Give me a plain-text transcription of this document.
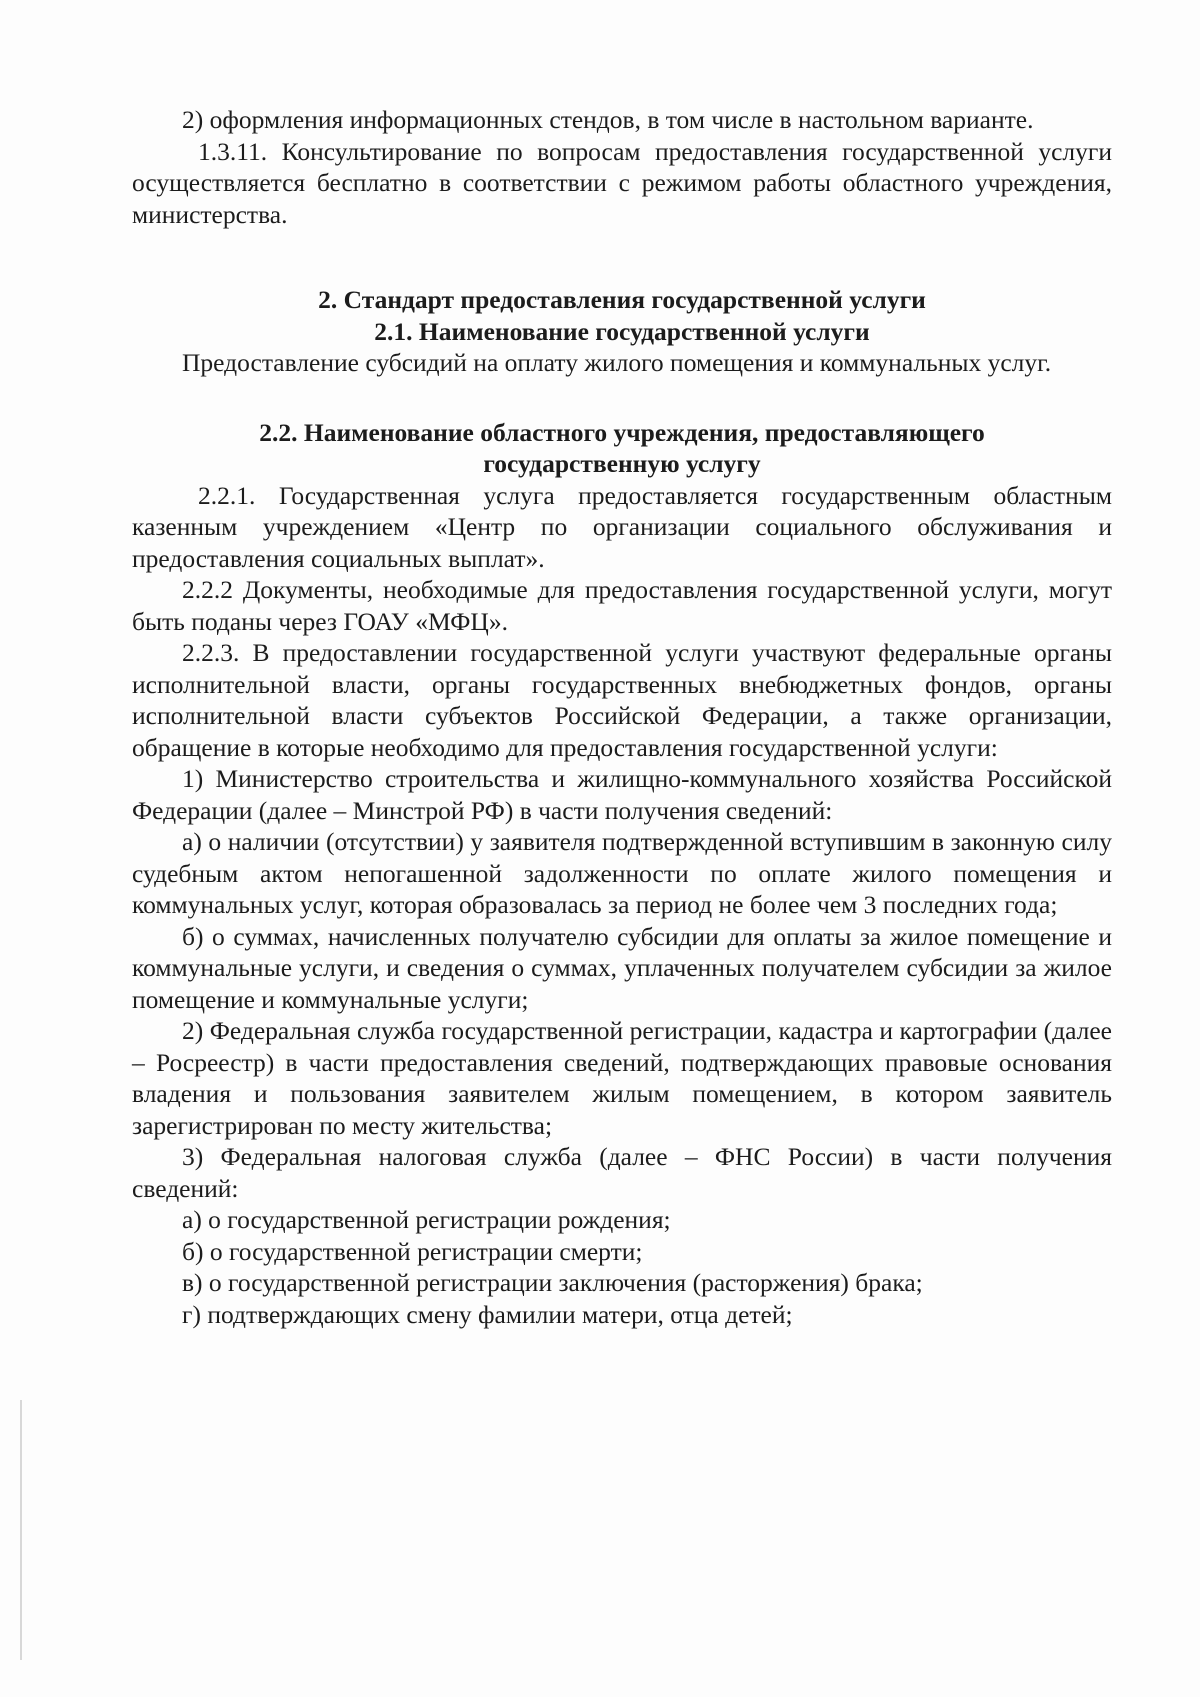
2) оформления информационных стендов, в том числе в настольном варианте.

1.3.11. Консультирование по вопросам предоставления государственной услуги осуществляется бесплатно в соответствии с режимом работы областного учреждения, министерства.

2. Стандарт предоставления государственной услуги

2.1. Наименование государственной услуги

Предоставление субсидий на оплату жилого помещения и коммунальных услуг.

2.2. Наименование областного учреждения, предоставляющего государственную услугу

2.2.1. Государственная услуга предоставляется государственным областным казенным учреждением «Центр по организации социального обслуживания и предоставления социальных выплат».

2.2.2 Документы, необходимые для предоставления государственной услуги, могут быть поданы через ГОАУ «МФЦ».

2.2.3. В предоставлении государственной услуги участвуют федеральные органы исполнительной власти, органы государственных внебюджетных фондов, органы исполнительной власти субъектов Российской Федерации, а также организации, обращение в которые необходимо для предоставления государственной услуги:

1) Министерство строительства и жилищно-коммунального хозяйства Российской Федерации (далее – Минстрой РФ) в части получения сведений:

а) о наличии (отсутствии) у заявителя подтвержденной вступившим в законную силу судебным актом непогашенной задолженности по оплате жилого помещения и коммунальных услуг, которая образовалась за период не более чем 3 последних года;

б) о суммах, начисленных получателю субсидии для оплаты за жилое помещение и коммунальные услуги, и сведения о суммах, уплаченных получателем субсидии за жилое помещение и коммунальные услуги;

2) Федеральная служба государственной регистрации, кадастра и картографии (далее – Росреестр) в части предоставления сведений, подтверждающих правовые основания владения и пользования заявителем жилым помещением, в котором заявитель зарегистрирован по месту жительства;

3) Федеральная налоговая служба (далее – ФНС России) в части получения сведений:

а) о государственной регистрации рождения;

б) о государственной регистрации смерти;

в) о государственной регистрации заключения (расторжения) брака;

г) подтверждающих смену фамилии матери, отца детей;
